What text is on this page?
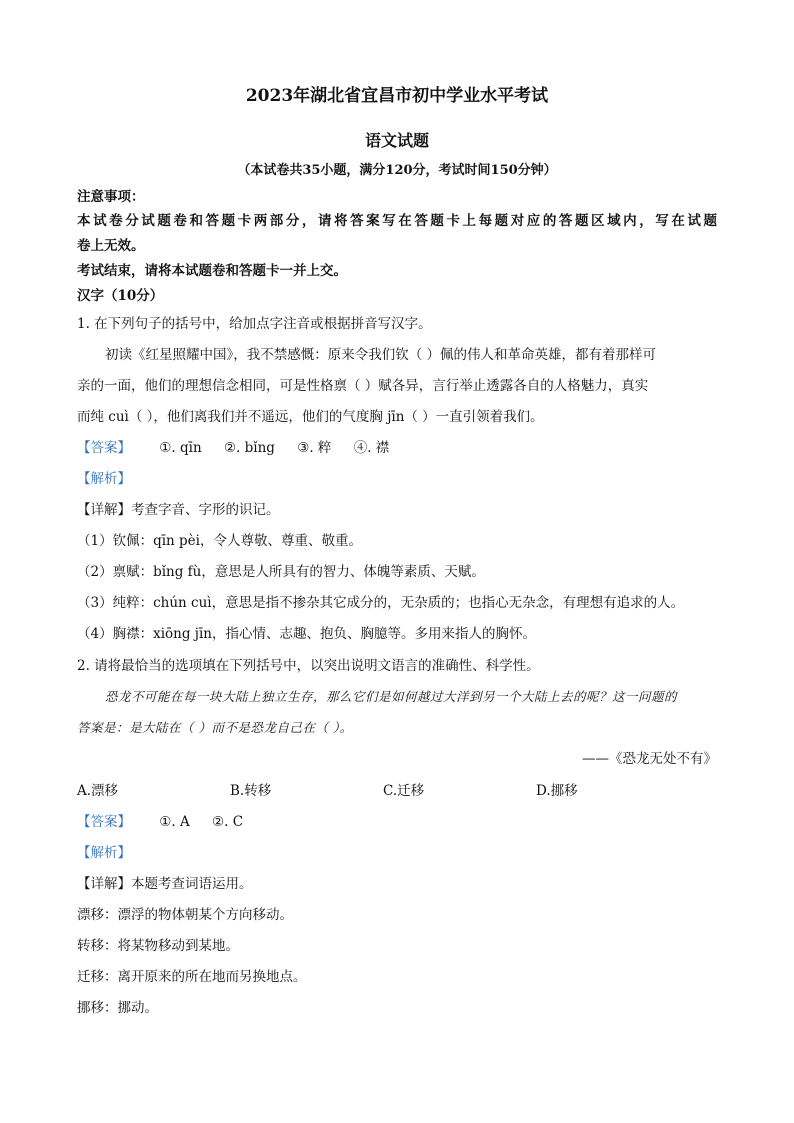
2023年湖北省宜昌市初中学业水平考试
语文试题
（本试卷共35小题，满分120分，考试时间150分钟）
注意事项：
本试卷分试题卷和答题卡两部分，请将答案写在答题卡上每题对应的答题区域内，写在试题
卷上无效。
考试结束，请将本试题卷和答题卡一并上交。
汉字（10分）
1. 在下列句子的括号中，给加点字注音或根据拼音写汉字。
初读《红星照耀中国》，我不禁感慨：原来令我们钦（ ）佩的伟人和革命英雄，都有着那样可
亲的一面，他们的理想信念相同，可是性格禀（ ）赋各异，言行举止透露各自的人格魅力，真实
而纯 cuì（ ），他们离我们并不遥远，他们的气度胸 jīn（ ）一直引领着我们。
【答案】 ①. qīn ②. bǐng ③. 粹 ④. 襟
【解析】
【详解】考查字音、字形的识记。
（1）钦佩：qīn pèi，令人尊敬、尊重、敬重。
（2）禀赋：bǐng fù，意思是人所具有的智力、体魄等素质、天赋。
（3）纯粹：chún cuì，意思是指不掺杂其它成分的，无杂质的；也指心无杂念，有理想有追求的人。
（4）胸襟：xiōng jīn，指心情、志趣、抱负、胸臆等。多用来指人的胸怀。
2. 请将最恰当的选项填在下列括号中，以突出说明文语言的准确性、科学性。
恐龙不可能在每一块大陆上独立生存，那么它们是如何越过大洋到另一个大陆上去的呢？这一问题的
答案是：是大陆在（ ）而不是恐龙自己在（ ）。
——《恐龙无处不有》
A.漂移	B.转移	C.迁移	D.挪移
【答案】 ①. A ②. C
【解析】
【详解】本题考查词语运用。
漂移：漂浮的物体朝某个方向移动。
转移：将某物移动到某地。
迁移：离开原来的所在地而另换地点。
挪移：挪动。
